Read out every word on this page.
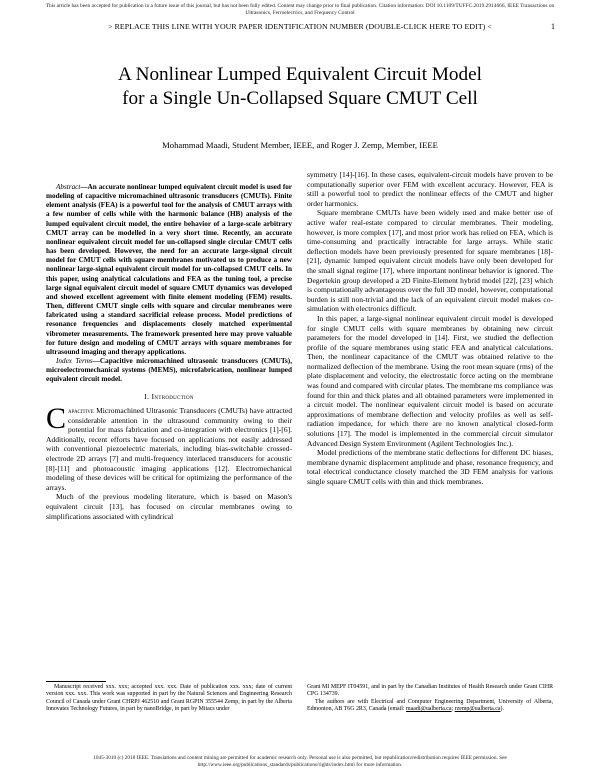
This article has been accepted for publication in a future issue of this journal, but has not been fully edited. Content may change prior to final publication. Citation information: DOI 10.1109/TUFFC.2019.2914666, IEEE Transactions on Ultrasonics, Ferroelectrics, and Frequency Control
> REPLACE THIS LINE WITH YOUR PAPER IDENTIFICATION NUMBER (DOUBLE-CLICK HERE TO EDIT) <	1
A Nonlinear Lumped Equivalent Circuit Model
for a Single Un-Collapsed Square CMUT Cell
Mohammad Maadi, Student Member, IEEE, and Roger J. Zemp, Member, IEEE

Abstract—An accurate nonlinear lumped equivalent circuit model is used for modeling of capacitive micromachined ultrasonic transducers (CMUTs). Finite element analysis (FEA) is a powerful tool for the analysis of CMUT arrays with a few number of cells while with the harmonic balance (HB) analysis of the lumped equivalent circuit model, the entire behavior of a large-scale arbitrary CMUT array can be modelled in a very short time. Recently, an accurate nonlinear equivalent circuit model for un-collapsed single circular CMUT cells has been developed. However, the need for an accurate large-signal circuit model for CMUT cells with square membranes motivated us to produce a new nonlinear large-signal equivalent circuit model for un-collapsed CMUT cells. In this paper, using analytical calculations and FEA as the tuning tool, a precise large signal equivalent circuit model of square CMUT dynamics was developed and showed excellent agreement with finite element modeling (FEM) results. Then, different CMUT single cells with square and circular membranes were fabricated using a standard sacrificial release process. Model predictions of resonance frequencies and displacements closely matched experimental vibrometer measurements. The framework presented here may prove valuable for future design and modeling of CMUT arrays with square membranes for ultrasound imaging and therapy applications.

Index Terms—Capacitive micromachined ultrasonic transducers (CMUTs), microelectromechanical systems (MEMS), microfabrication, nonlinear lumped equivalent circuit model.

I. Introduction

Capacitive Micromachined Ultrasonic Transducers (CMUTs) have attracted considerable attention in the ultrasound community owing to their potential for mass fabrication and co-integration with electronics [1]-[6]. Additionally, recent efforts have focused on applications not easily addressed with conventional piezoelectric materials, including bias-switchable crossed-electrode 2D arrays [7] and multi-frequency interlaced transducers for acoustic [8]-[11] and photoacoustic imaging applications [12]. Electromechanical modeling of these devices will be critical for optimizing the performance of the arrays.

Much of the previous modeling literature, which is based on Mason's equivalent circuit [13], has focused on circular membranes owing to simplifications associated with cylindrical

symmetry [14]-[16]. In these cases, equivalent-circuit models have proven to be computationally superior over FEM with excellent accuracy. However, FEA is still a powerful tool to predict the nonlinear effects of the CMUT and higher order harmonics.

Square membrane CMUTs have been widely used and make better use of active wafer real-estate compared to circular membranes. Their modeling, however, is more complex [17], and most prior work has relied on FEA, which is time-consuming and practically intractable for large arrays. While static deflection models have been previously presented for square membranes [18]-[21], dynamic lumped equivalent circuit models have only been developed for the small signal regime [17], where important nonlinear behavior is ignored. The Degertekin group developed a 2D Finite-Element hybrid model [22], [23] which is computationally advantageous over the full 3D model, however, computational burden is still non-trivial and the lack of an equivalent circuit model makes co-simulation with electronics difficult.

In this paper, a large-signal nonlinear equivalent circuit model is developed for single CMUT cells with square membranes by obtaining new circuit parameters for the model developed in [14]. First, we studied the deflection profile of the square membranes using static FEA and analytical calculations. Then, the nonlinear capacitance of the CMUT was obtained relative to the normalized deflection of the membrane. Using the root mean square (rms) of the plate displacement and velocity, the electrostatic force acting on the membrane was found and compared with circular plates. The membrane ms compliance was found for thin and thick plates and all obtained parameters were implemented in a circuit model. The nonlinear equivalent circuit model is based on accurate approximations of membrane deflection and velocity profiles as well as self-radiation impedance, for which there are no known analytical closed-form solutions [17]. The model is implemented in the commercial circuit simulator Advanced Design System Environment (Agilent Technologies Inc.).

Model predictions of the membrane static deflections for different DC biases, membrane dynamic displacement amplitude and phase, resonance frequency, and total electrical conductance closely matched the 3D FEM analysis for various single square CMUT cells with thin and thick membranes.

Manuscript received xxx. xxx; accepted xxx. xxx. Date of publication xxx. xxx; date of current version xxx. xxx. This work was supported in part by the Natural Sciences and Engineering Research Council of Canada under Grant CHRPJ 462510 and Grant RGPIN 355544 Zemp, in part by the Alberta Innovates Technology Futures, in part by nanoBridge, in part by Mitacs under

Grant MI MEPF IT04591, and in part by the Canadian Institutes of Health Research under Grant CIHR CPG 134739.

The authors are with Electrical and Computer Engineering Department, University of Alberta, Edmonton, AB T6G 2R3, Canada (email: maadi@ualberta.ca; rzemp@ualberta.ca).

1045-3010 (c) 2018 IEEE. Translations and content mining are permitted for academic research only. Personal use is also permitted, but republication/redistribution requires IEEE permission. See http://www.ieee.org/publications_standards/publications/rights/index.html for more information.
